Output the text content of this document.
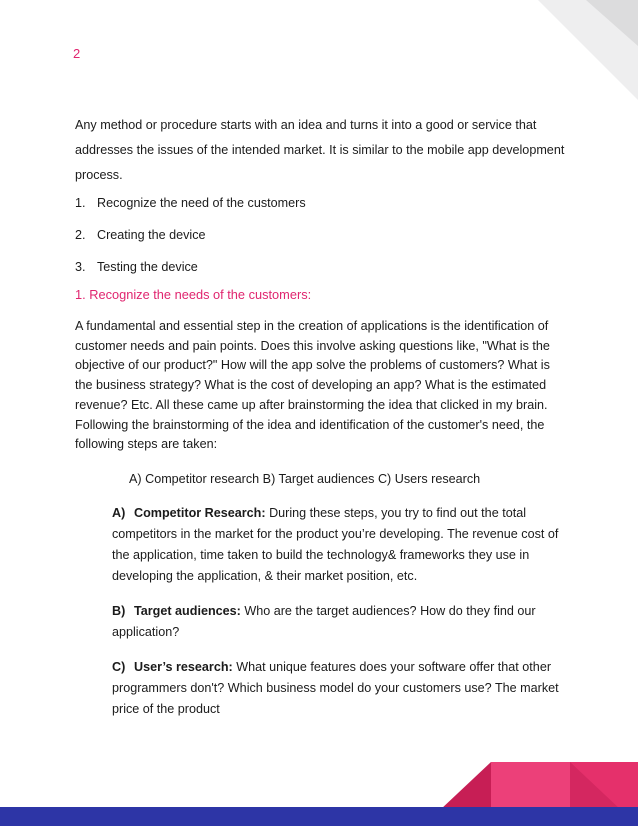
2

Any method or procedure starts with an idea and turns it into a good or service that addresses the issues of the intended market. It is similar to the mobile app development process.

1. Recognize the need of the customers
2. Creating the device
3. Testing the device

1. Recognize the needs of the customers:

A fundamental and essential step in the creation of applications is the identification of customer needs and pain points. Does this involve asking questions like, "What is the objective of our product?" How will the app solve the problems of customers? What is the business strategy? What is the cost of developing an app? What is the estimated revenue? Etc. All these came up after brainstorming the idea that clicked in my brain. Following the brainstorming of the idea and identification of the customer's need, the following steps are taken:

A) Competitor research B) Target audiences C) Users research

A) Competitor Research: During these steps, you try to find out the total competitors in the market for the product you’re developing. The revenue cost of the application, time taken to build the technology& frameworks they use in developing the application, & their market position, etc.

B) Target audiences: Who are the target audiences? How do they find our application?

C) User’s research: What unique features does your software offer that other programmers don't? Which business model do your customers use? The market price of the product
